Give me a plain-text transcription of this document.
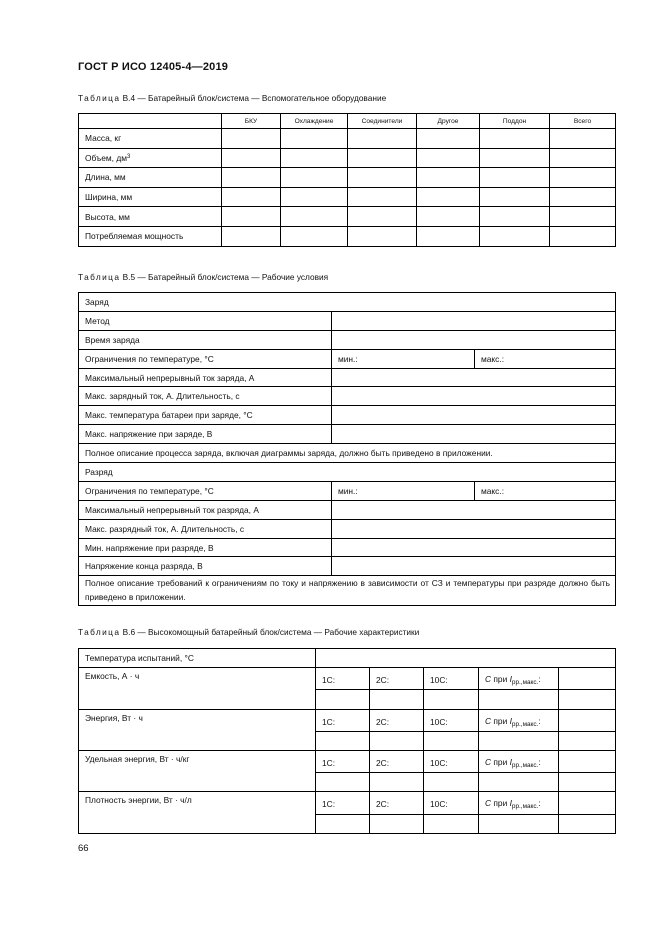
ГОСТ Р ИСО 12405-4—2019
Таблица В.4 — Батарейный блок/система — Вспомогательное оборудование
	БКУ	Охлаждение	Соединители	Другое	Поддон	Всего
Масса, кг						
Объем, $дм^3$						
Длина, мм						
Ширина, мм						
Высота, мм						
Потребляемая мощность						
Таблица В.5 — Батарейный блок/система — Рабочие условия
Заряд		
Метод		
Время заряда		
Ограничения по температуре, °С	мин.:	макс.:
Максимальный непрерывный ток заряда, А		
Макс. зарядный ток, А. Длительность, с		
Макс. температура батареи при заряде, °С		
Макс. напряжение при заряде, В		
Полное описание процесса заряда, включая диаграммы заряда, должно быть приведено в приложении.		
Разряд		
Ограничения по температуре, °С	мин.:	макс.:
Максимальный непрерывный ток разряда, А		
Макс. разрядный ток, А. Длительность, с		
Мин. напряжение при разряде, В		
Напряжение конца разряда, В		
Полное описание требований к ограничениям по току и напряжению в зависимости от СЗ и температуры при разряде должно быть приведено в приложении.		
Таблица В.6 — Высокомощный батарейный блок/система — Рабочие характеристики
Температура испытаний, °С					
Емкость, А · ч	1С:	2С:	10С:	С при $I_{рр.,макс.}$:	

Энергия, Вт · ч	1С:	2С:	10С:	С при $I_{рр.,макс.}$:	

Удельная энергия, Вт · ч/кг	1С:	2С:	10С:	С при $I_{рр.,макс.}$:	

Плотность энергии, Вт · ч/л	1С:	2С:	10С:	С при $I_{рр.,макс.}$:	

66
